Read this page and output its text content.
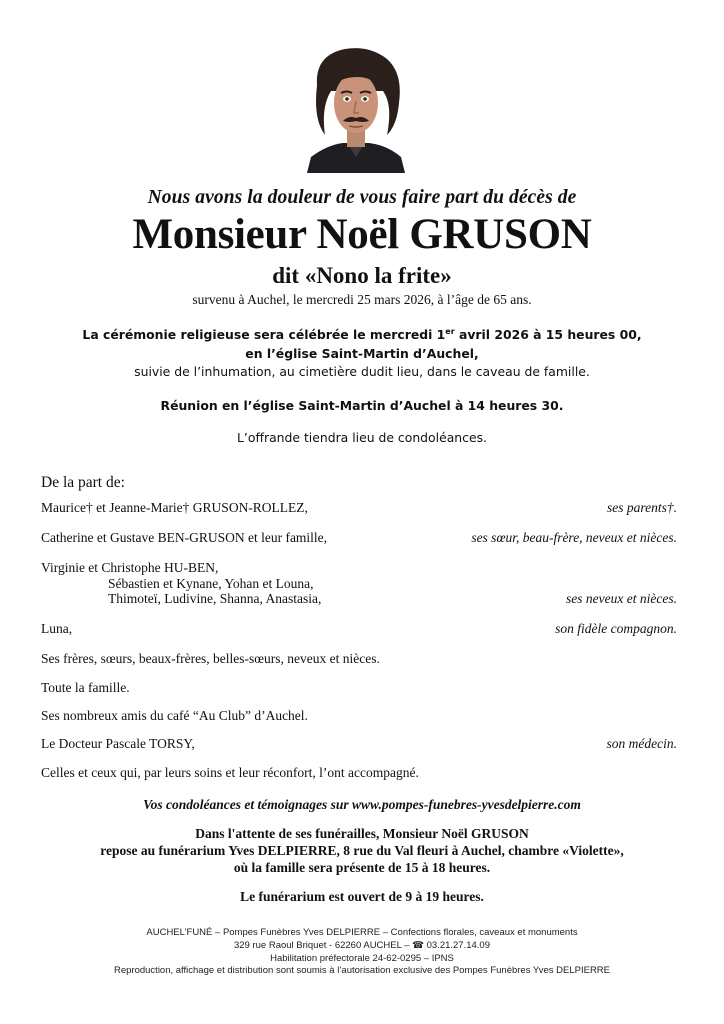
Nous avons la douleur de vous faire part du décès de
Monsieur Noël GRUSON
dit «Nono la frite»
survenu à Auchel, le mercredi 25 mars 2026, à l’âge de 65 ans.
La cérémonie religieuse sera célébrée le mercredi 1er avril 2026 à 15 heures 00,
en l’église Saint-Martin d’Auchel,
suivie de l’inhumation, au cimetière dudit lieu, dans le caveau de famille.
Réunion en l’église Saint-Martin d’Auchel à 14 heures 30.
L’offrande tiendra lieu de condoléances.
De la part de:
Maurice† et Jeanne-Marie† GRUSON-ROLLEZ,	ses parents†.
Catherine et Gustave BEN-GRUSON et leur famille,	ses sœur, beau-frère, neveux et nièces.
Virginie et Christophe HU-BEN,
Sébastien et Kynane, Yohan et Louna,
Thimoteï, Ludivine, Shanna, Anastasia,	ses neveux et nièces.
Luna,	son fidèle compagnon.
Ses frères, sœurs, beaux-frères, belles-sœurs, neveux et nièces.
Toute la famille.
Ses nombreux amis du café “Au Club” d’Auchel.
Le Docteur Pascale TORSY,	son médecin.
Celles et ceux qui, par leurs soins et leur réconfort, l’ont accompagné.
Vos condoléances et témoignages sur www.pompes-funebres-yvesdelpierre.com
Dans l'attente de ses funérailles, Monsieur Noël GRUSON
repose au funérarium Yves DELPIERRE, 8 rue du Val fleuri à Auchel, chambre «Violette»,
où la famille sera présente de 15 à 18 heures.
Le funérarium est ouvert de 9 à 19 heures.
AUCHEL’FUNÉ – Pompes Funèbres Yves DELPIERRE – Confections florales, caveaux et monuments
329 rue Raoul Briquet - 62260 AUCHEL – ☎ 03.21.27.14.09
Habilitation préfectorale 24-62-0295 – IPNS
Reproduction, affichage et distribution sont soumis à l’autorisation exclusive des Pompes Funèbres Yves DELPIERRE
